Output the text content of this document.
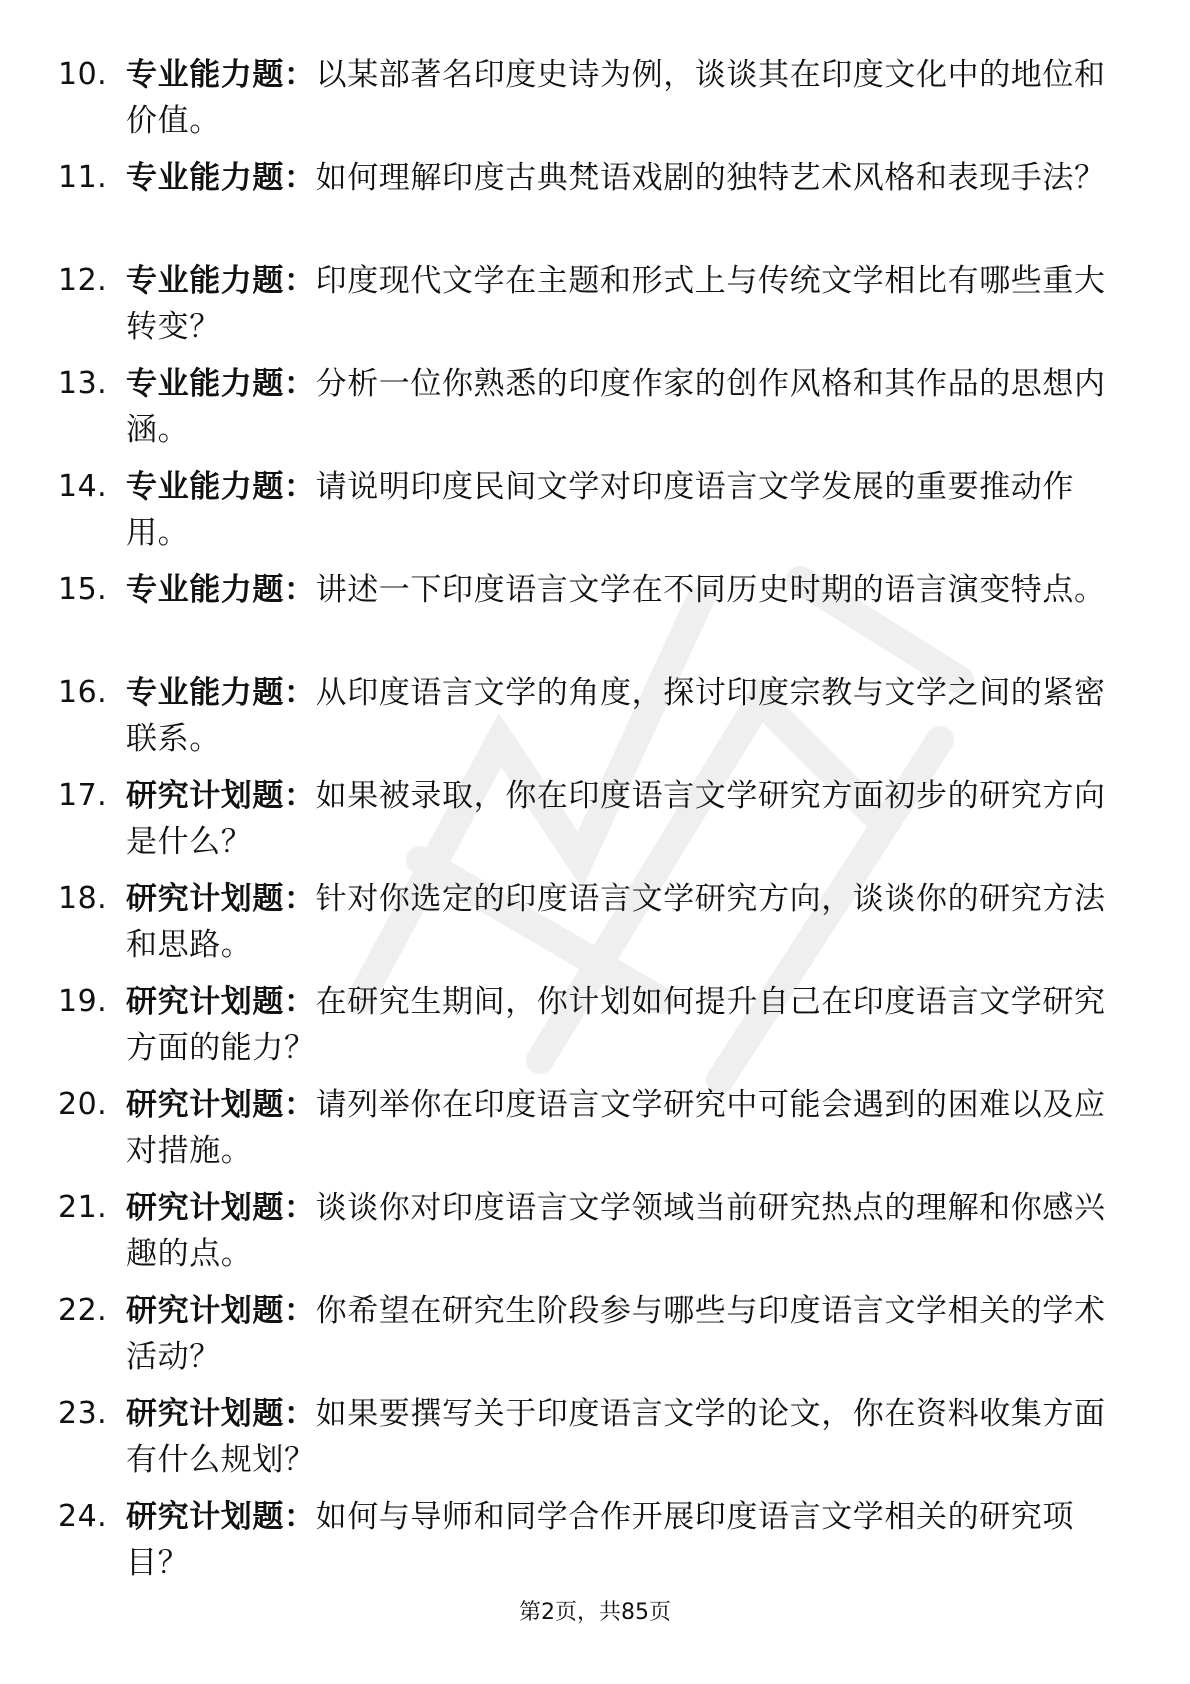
10. 专业能力题：以某部著名印度史诗为例，谈谈其在印度文化中的地位和价值。
11. 专业能力题：如何理解印度古典梵语戏剧的独特艺术风格和表现手法？
12. 专业能力题：印度现代文学在主题和形式上与传统文学相比有哪些重大转变？
13. 专业能力题：分析一位你熟悉的印度作家的创作风格和其作品的思想内涵。
14. 专业能力题：请说明印度民间文学对印度语言文学发展的重要推动作用。
15. 专业能力题：讲述一下印度语言文学在不同历史时期的语言演变特点。
16. 专业能力题：从印度语言文学的角度，探讨印度宗教与文学之间的紧密联系。
17. 研究计划题：如果被录取，你在印度语言文学研究方面初步的研究方向是什么？
18. 研究计划题：针对你选定的印度语言文学研究方向，谈谈你的研究方法和思路。
19. 研究计划题：在研究生期间，你计划如何提升自己在印度语言文学研究方面的能力？
20. 研究计划题：请列举你在印度语言文学研究中可能会遇到的困难以及应对措施。
21. 研究计划题：谈谈你对印度语言文学领域当前研究热点的理解和你感兴趣的点。
22. 研究计划题：你希望在研究生阶段参与哪些与印度语言文学相关的学术活动？
23. 研究计划题：如果要撰写关于印度语言文学的论文，你在资料收集方面有什么规划？
24. 研究计划题：如何与导师和同学合作开展印度语言文学相关的研究项目？
第2页，共85页
